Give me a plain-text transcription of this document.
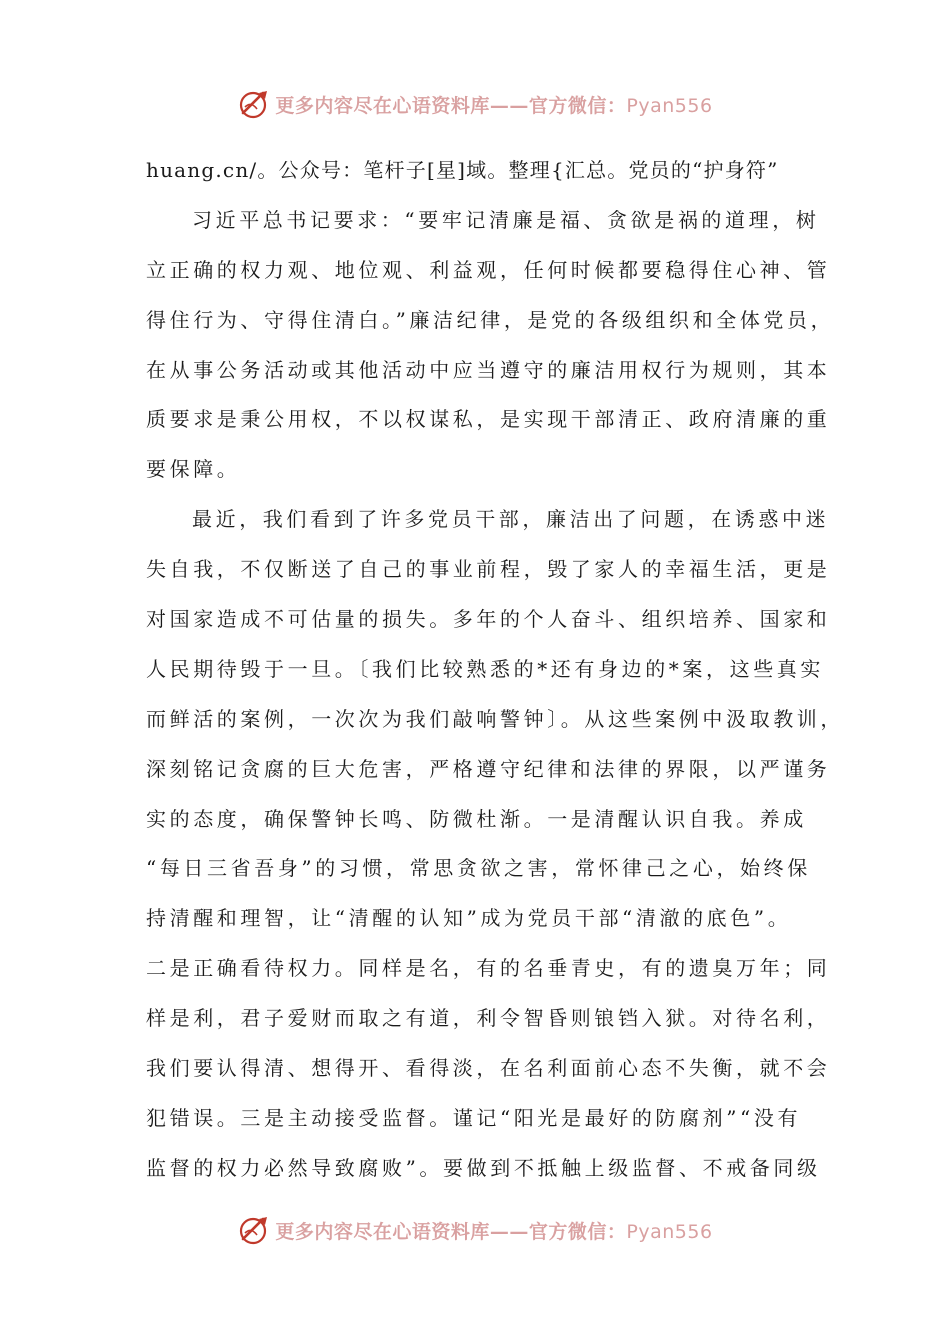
更多内容尽在心语资料库——官方微信：Pyan556
huang.cn/。公众号：笔杆子[星]域。整理{汇总。党员的“护身符”
习近平总书记要求：“要牢记清廉是福、贪欲是祸的道理，树
立正确的权力观、地位观、利益观，任何时候都要稳得住心神、管
得住行为、守得住清白。”廉洁纪律，是党的各级组织和全体党员，
在从事公务活动或其他活动中应当遵守的廉洁用权行为规则，其本
质要求是秉公用权，不以权谋私，是实现干部清正、政府清廉的重
要保障。
最近，我们看到了许多党员干部，廉洁出了问题，在诱惑中迷
失自我，不仅断送了自己的事业前程，毁了家人的幸福生活，更是
对国家造成不可估量的损失。多年的个人奋斗、组织培养、国家和
人民期待毁于一旦。〔我们比较熟悉的*还有身边的*案，这些真实
而鲜活的案例，一次次为我们敲响警钟〕。从这些案例中汲取教训，
深刻铭记贪腐的巨大危害，严格遵守纪律和法律的界限，以严谨务
实的态度，确保警钟长鸣、防微杜渐。一是清醒认识自我。养成
“每日三省吾身”的习惯，常思贪欲之害，常怀律己之心，始终保
持清醒和理智，让“清醒的认知”成为党员干部“清澈的底色”。
二是正确看待权力。同样是名，有的名垂青史，有的遗臭万年；同
样是利，君子爱财而取之有道，利令智昏则锒铛入狱。对待名利，
我们要认得清、想得开、看得淡，在名利面前心态不失衡，就不会
犯错误。三是主动接受监督。谨记“阳光是最好的防腐剂”“没有
监督的权力必然导致腐败”。要做到不抵触上级监督、不戒备同级
更多内容尽在心语资料库——官方微信：Pyan556
